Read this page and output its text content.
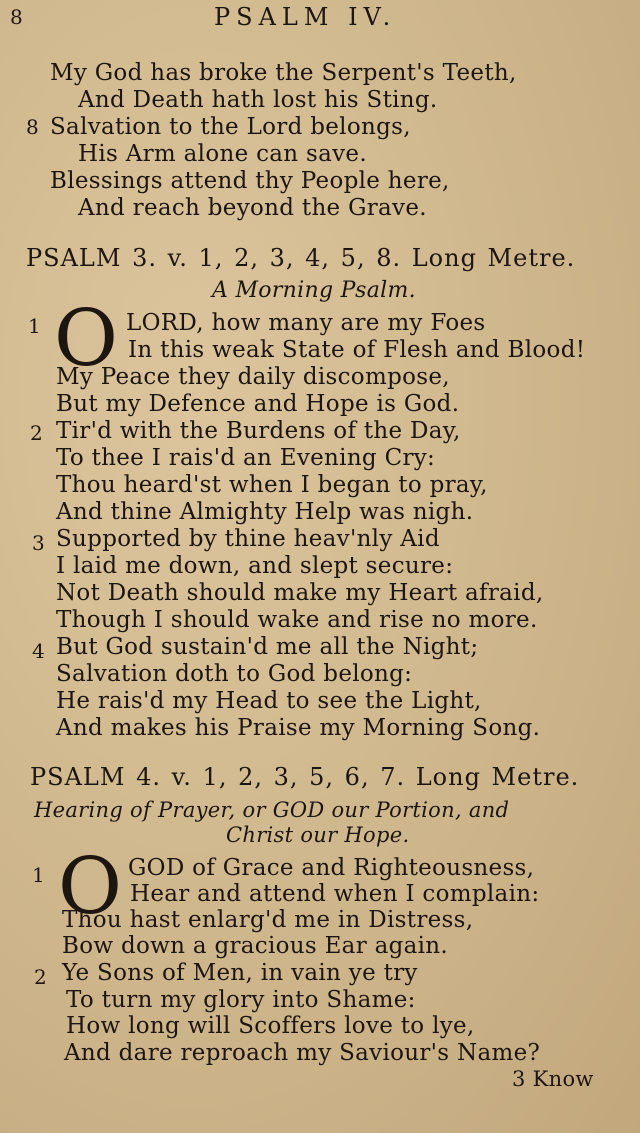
8	PSALM IV.
My God has broke the Serpent's Teeth,
And Death hath lost his Sting.
8 Salvation to the Lord belongs,
His Arm alone can save.
Blessings attend thy People here,
And reach beyond the Grave.
PSALM 3. v. 1, 2, 3, 4, 5, 8. Long Metre.
A Morning Psalm.
1 O LORD, how many are my Foes
In this weak State of Flesh and Blood!
My Peace they daily discompose,
But my Defence and Hope is God.
2 Tir'd with the Burdens of the Day,
To thee I rais'd an Evening Cry:
Thou heard'st when I began to pray,
And thine Almighty Help was nigh.
3 Supported by thine heav'nly Aid
I laid me down, and slept secure:
Not Death should make my Heart afraid,
Though I should wake and rise no more.
4 But God sustain'd me all the Night;
Salvation doth to God belong:
He rais'd my Head to see the Light,
And makes his Praise my Morning Song.
PSALM 4. v. 1, 2, 3, 5, 6, 7. Long Metre.
Hearing of Prayer, or GOD our Portion, and
Christ our Hope.
1 O GOD of Grace and Righteousness,
Hear and attend when I complain:
Thou hast enlarg'd me in Distress,
Bow down a gracious Ear again.
2 Ye Sons of Men, in vain ye try
To turn my glory into Shame:
How long will Scoffers love to lye,
And dare reproach my Saviour's Name?
3 Know
